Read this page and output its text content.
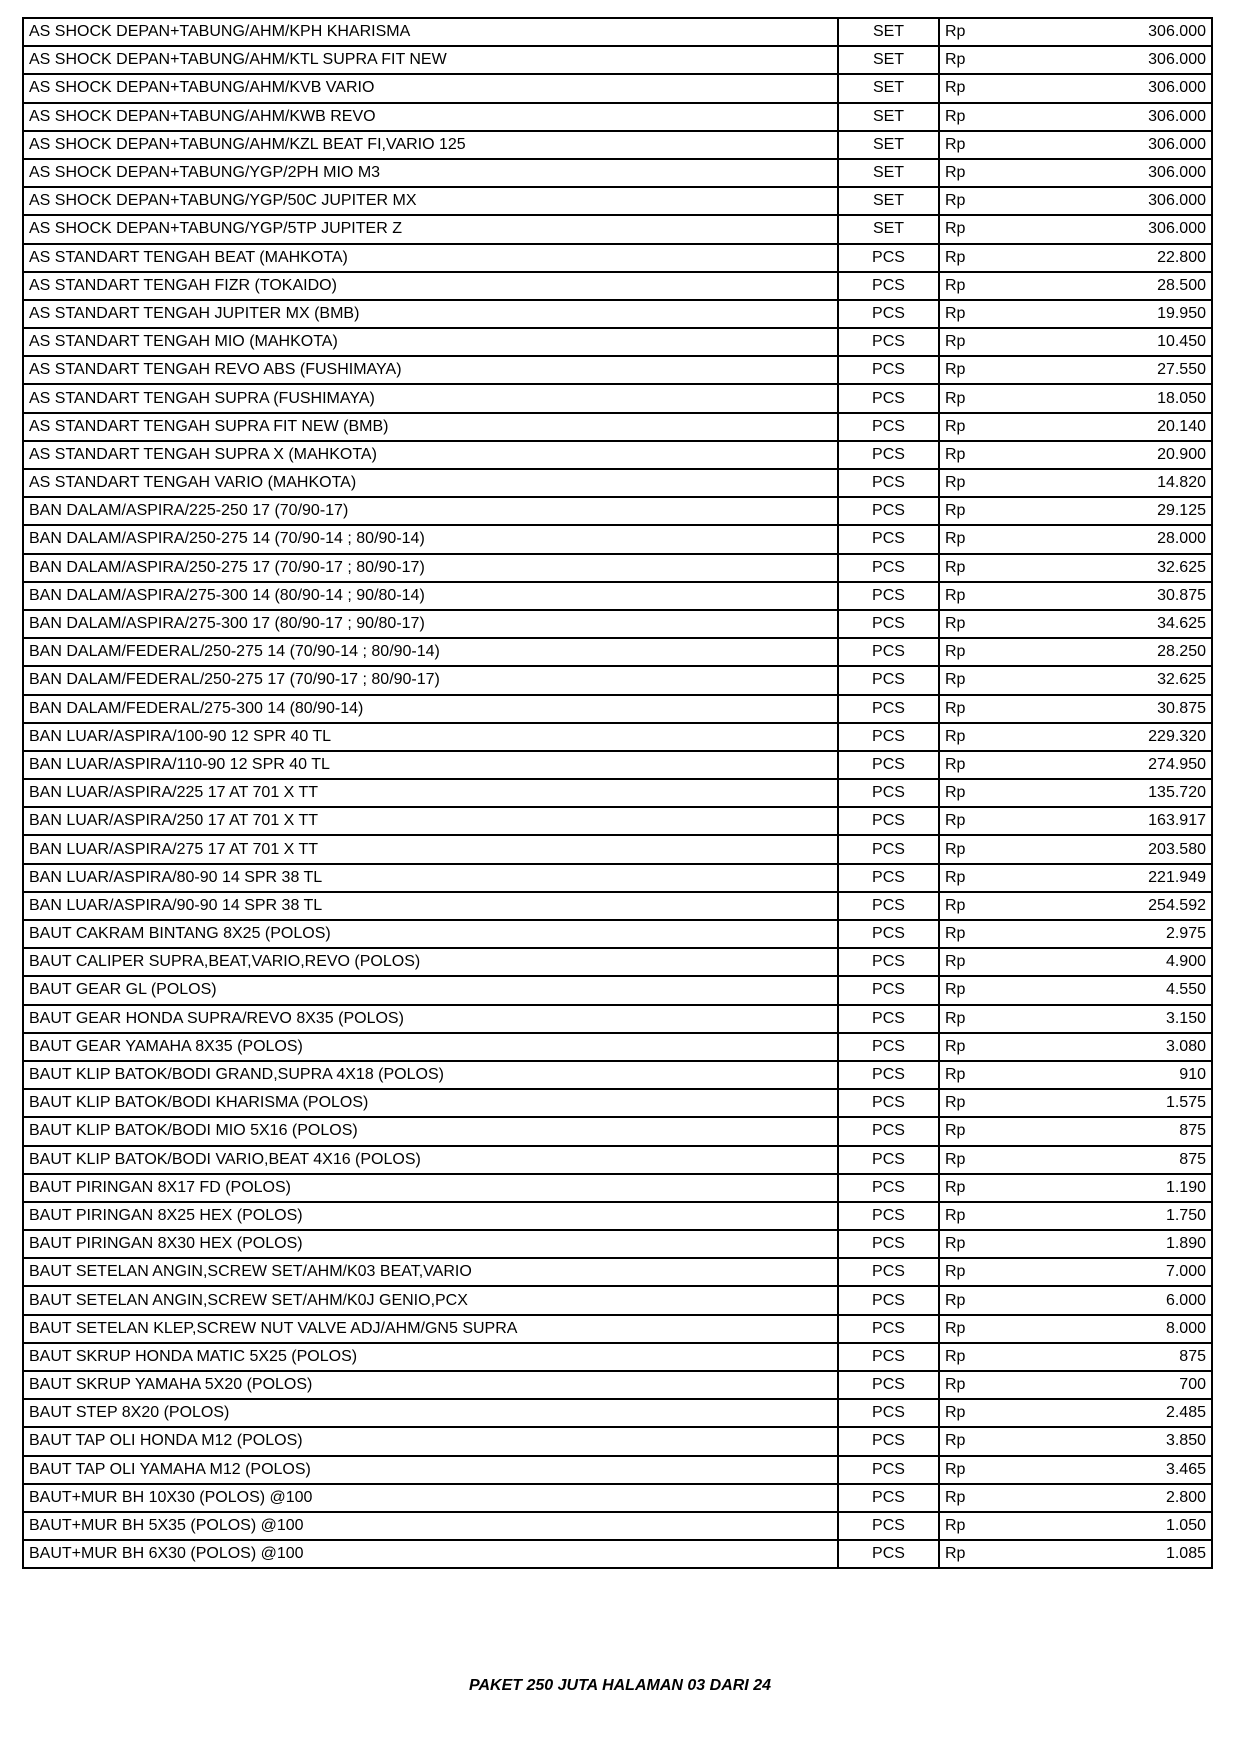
AS SHOCK DEPAN+TABUNG/AHM/KPH KHARISMA	SET	Rp	306.000
AS SHOCK DEPAN+TABUNG/AHM/KTL SUPRA FIT NEW	SET	Rp	306.000
AS SHOCK DEPAN+TABUNG/AHM/KVB VARIO	SET	Rp	306.000
AS SHOCK DEPAN+TABUNG/AHM/KWB REVO	SET	Rp	306.000
AS SHOCK DEPAN+TABUNG/AHM/KZL BEAT FI,VARIO 125	SET	Rp	306.000
AS SHOCK DEPAN+TABUNG/YGP/2PH MIO M3	SET	Rp	306.000
AS SHOCK DEPAN+TABUNG/YGP/50C JUPITER MX	SET	Rp	306.000
AS SHOCK DEPAN+TABUNG/YGP/5TP JUPITER Z	SET	Rp	306.000
AS STANDART TENGAH BEAT (MAHKOTA)	PCS	Rp	22.800
AS STANDART TENGAH FIZR (TOKAIDO)	PCS	Rp	28.500
AS STANDART TENGAH JUPITER MX (BMB)	PCS	Rp	19.950
AS STANDART TENGAH MIO (MAHKOTA)	PCS	Rp	10.450
AS STANDART TENGAH REVO ABS (FUSHIMAYA)	PCS	Rp	27.550
AS STANDART TENGAH SUPRA (FUSHIMAYA)	PCS	Rp	18.050
AS STANDART TENGAH SUPRA FIT NEW (BMB)	PCS	Rp	20.140
AS STANDART TENGAH SUPRA X (MAHKOTA)	PCS	Rp	20.900
AS STANDART TENGAH VARIO (MAHKOTA)	PCS	Rp	14.820
BAN DALAM/ASPIRA/225-250 17 (70/90-17)	PCS	Rp	29.125
BAN DALAM/ASPIRA/250-275 14 (70/90-14 ; 80/90-14)	PCS	Rp	28.000
BAN DALAM/ASPIRA/250-275 17 (70/90-17 ; 80/90-17)	PCS	Rp	32.625
BAN DALAM/ASPIRA/275-300 14 (80/90-14 ; 90/80-14)	PCS	Rp	30.875
BAN DALAM/ASPIRA/275-300 17 (80/90-17 ; 90/80-17)	PCS	Rp	34.625
BAN DALAM/FEDERAL/250-275 14 (70/90-14 ; 80/90-14)	PCS	Rp	28.250
BAN DALAM/FEDERAL/250-275 17 (70/90-17 ; 80/90-17)	PCS	Rp	32.625
BAN DALAM/FEDERAL/275-300 14 (80/90-14)	PCS	Rp	30.875
BAN LUAR/ASPIRA/100-90 12 SPR 40 TL	PCS	Rp	229.320
BAN LUAR/ASPIRA/110-90 12 SPR 40 TL	PCS	Rp	274.950
BAN LUAR/ASPIRA/225 17 AT 701 X TT	PCS	Rp	135.720
BAN LUAR/ASPIRA/250 17 AT 701 X TT	PCS	Rp	163.917
BAN LUAR/ASPIRA/275 17 AT 701 X TT	PCS	Rp	203.580
BAN LUAR/ASPIRA/80-90 14 SPR 38 TL	PCS	Rp	221.949
BAN LUAR/ASPIRA/90-90 14 SPR 38 TL	PCS	Rp	254.592
BAUT CAKRAM BINTANG 8X25 (POLOS)	PCS	Rp	2.975
BAUT CALIPER SUPRA,BEAT,VARIO,REVO (POLOS)	PCS	Rp	4.900
BAUT GEAR GL (POLOS)	PCS	Rp	4.550
BAUT GEAR HONDA SUPRA/REVO 8X35 (POLOS)	PCS	Rp	3.150
BAUT GEAR YAMAHA 8X35 (POLOS)	PCS	Rp	3.080
BAUT KLIP BATOK/BODI GRAND,SUPRA 4X18 (POLOS)	PCS	Rp	910
BAUT KLIP BATOK/BODI KHARISMA (POLOS)	PCS	Rp	1.575
BAUT KLIP BATOK/BODI MIO 5X16 (POLOS)	PCS	Rp	875
BAUT KLIP BATOK/BODI VARIO,BEAT 4X16 (POLOS)	PCS	Rp	875
BAUT PIRINGAN 8X17 FD (POLOS)	PCS	Rp	1.190
BAUT PIRINGAN 8X25 HEX (POLOS)	PCS	Rp	1.750
BAUT PIRINGAN 8X30 HEX (POLOS)	PCS	Rp	1.890
BAUT SETELAN ANGIN,SCREW SET/AHM/K03 BEAT,VARIO	PCS	Rp	7.000
BAUT SETELAN ANGIN,SCREW SET/AHM/K0J GENIO,PCX	PCS	Rp	6.000
BAUT SETELAN KLEP,SCREW NUT VALVE ADJ/AHM/GN5 SUPRA	PCS	Rp	8.000
BAUT SKRUP HONDA MATIC 5X25 (POLOS)	PCS	Rp	875
BAUT SKRUP YAMAHA 5X20 (POLOS)	PCS	Rp	700
BAUT STEP 8X20 (POLOS)	PCS	Rp	2.485
BAUT TAP OLI HONDA M12 (POLOS)	PCS	Rp	3.850
BAUT TAP OLI YAMAHA M12 (POLOS)	PCS	Rp	3.465
BAUT+MUR BH 10X30 (POLOS) @100	PCS	Rp	2.800
BAUT+MUR BH 5X35 (POLOS) @100	PCS	Rp	1.050
BAUT+MUR BH 6X30 (POLOS) @100	PCS	Rp	1.085
PAKET 250 JUTA HALAMAN 03 DARI 24
